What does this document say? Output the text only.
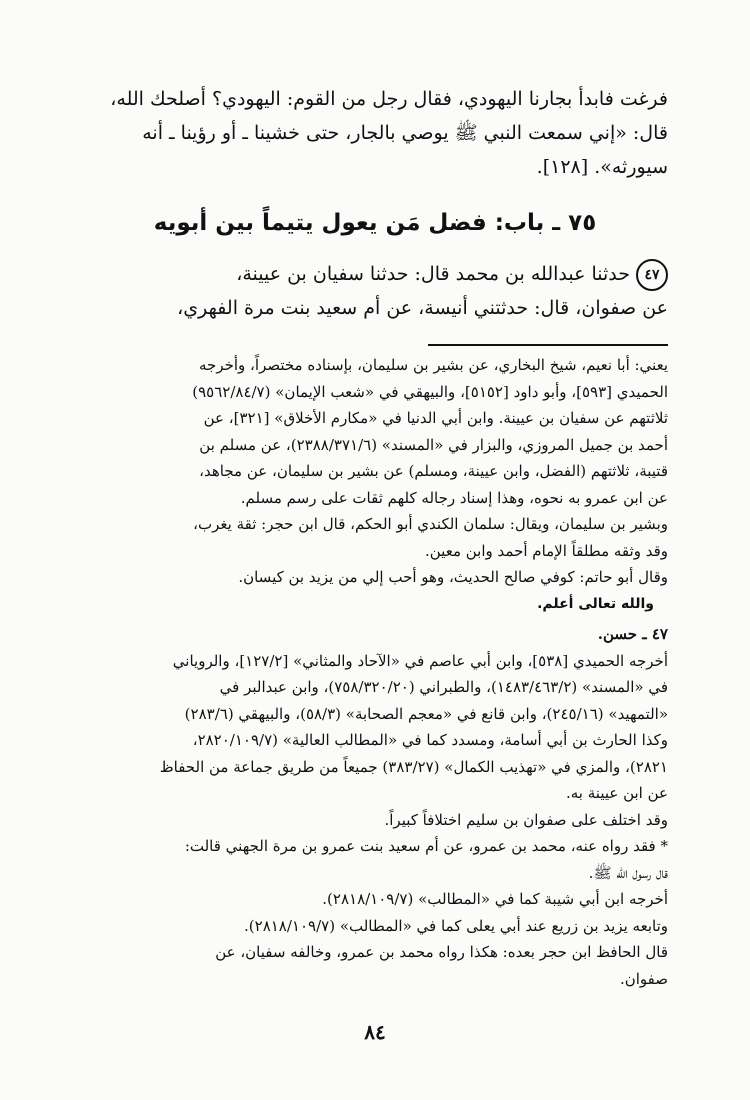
فرغت فابدأ بجارنا اليهودي، فقال رجل من القوم: اليهودي؟ أصلحك الله،
قال: «إني سمعت النبي ﷺ يوصي بالجار، حتى خشينا ـ أو رؤينا ـ أنه
سيورثه». [١٢٨].
٧٥ ـ باب: فضل مَن يعول يتيماً بين أبويه
٤٧حدثنا عبدالله بن محمد قال: حدثنا سفيان بن عيينة،
عن صفوان، قال: حدثتني أنيسة، عن أم سعيد بنت مرة الفهري،
يعني: أبا نعيم، شيخ البخاري، عن بشير بن سليمان، بإسناده مختصراً، وأخرجه
الحميدي [٥٩٣]، وأبو داود [٥١٥٢]، والبيهقي في «شعب الإيمان» (٩٥٦٢/٨٤/٧)
ثلاثتهم عن سفيان بن عيينة. وابن أبي الدنيا في «مكارم الأخلاق» [٣٢١]، عن
أحمد بن جميل المروزي، والبزار في «المسند» (٢٣٨٨/٣٧١/٦)، عن مسلم بن
قتيبة، ثلاثتهم (الفضل، وابن عيينة، ومسلم) عن بشير بن سليمان، عن مجاهد،
عن ابن عمرو به نحوه، وهذا إسناد رجاله كلهم ثقات على رسم مسلم.
وبشير بن سليمان، ويقال: سلمان الكندي أبو الحكم، قال ابن حجر: ثقة يغرب،
وقد وثقه مطلقاً الإمام أحمد وابن معين.
وقال أبو حاتم: كوفي صالح الحديث، وهو أحب إلي من يزيد بن كيسان.
والله تعالى أعلم.
٤٧ ـ حسن.
أخرجه الحميدي [٥٣٨]، وابن أبي عاصم في «الآحاد والمثاني» [١٢٧/٢]، والروياني
في «المسند» (١٤٨٣/٤٦٣/٢)، والطبراني (٧٥٨/٣٢٠/٢٠)، وابن عبدالبر في
«التمهيد» (٢٤٥/١٦)، وابن قانع في «معجم الصحابة» (٥٨/٣)، والبيهقي (٢٨٣/٦)
وكذا الحارث بن أبي أسامة، ومسدد كما في «المطالب العالية» (٢٨٢٠/١٠٩/٧،
٢٨٢١)، والمزي في «تهذيب الكمال» (٣٨٣/٢٧) جميعاً من طريق جماعة من الحفاظ
عن ابن عيينة به.
وقد اختلف على صفوان بن سليم اختلافاً كبيراً.
* فقد رواه عنه، محمد بن عمرو، عن أم سعيد بنت عمرو بن مرة الجهني قالت:
قال رسول الله ﷺ.
أخرجه ابن أبي شيبة كما في «المطالب» (٢٨١٨/١٠٩/٧).
وتابعه يزيد بن زريع عند أبي يعلى كما في «المطالب» (٢٨١٨/١٠٩/٧).
قال الحافظ ابن حجر بعده: هكذا رواه محمد بن عمرو، وخالفه سفيان، عن
صفوان.
٨٤
